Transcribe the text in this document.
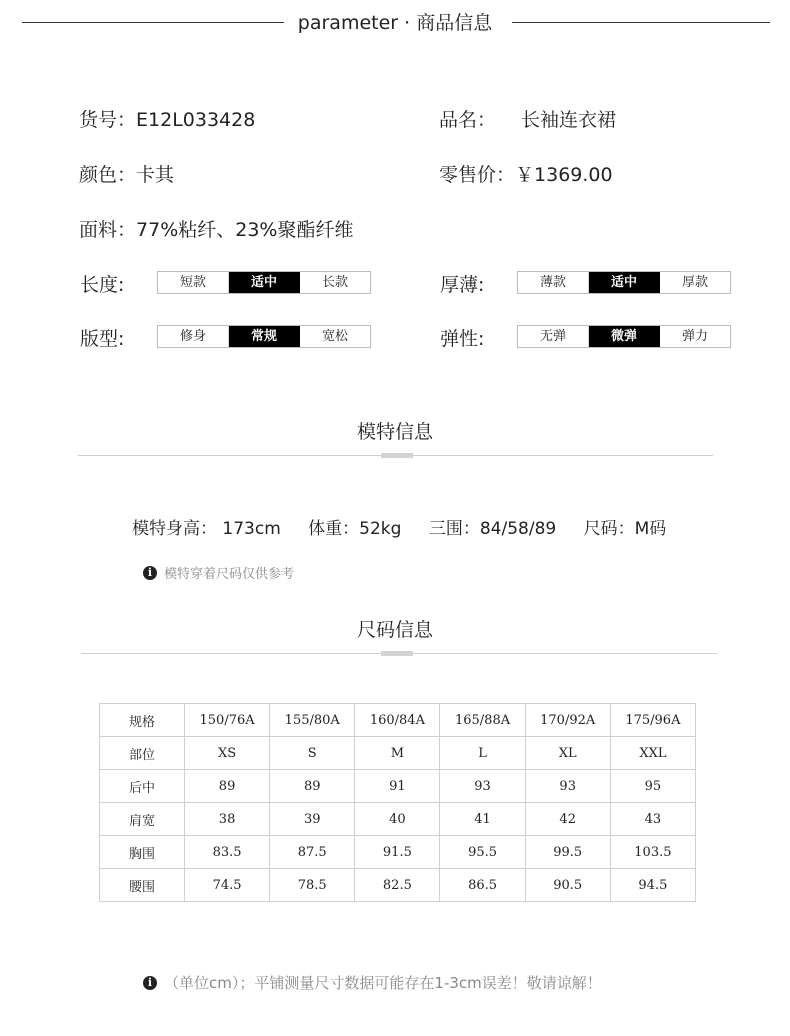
parameter · 商品信息
货号：E12L033428	品名： 长袖连衣裙
颜色：卡其	零售价：￥1369.00
面料：77%粘纤、23%聚酯纤维
长度:	短款	适中	长款	厚薄:	薄款	适中	厚款
版型:	修身	常规	宽松	弹性:	无弹	微弹	弹力
模特信息
模特身高： 173cm 体重：52kg 三围：84/58/89 尺码：M码
i 模特穿着尺码仅供参考
尺码信息
规格	150/76A	155/80A	160/84A	165/88A	170/92A	175/96A
部位	XS	S	M	L	XL	XXL
后中	89	89	91	93	93	95
肩宽	38	39	40	41	42	43
胸围	83.5	87.5	91.5	95.5	99.5	103.5
腰围	74.5	78.5	82.5	86.5	90.5	94.5
i （单位cm）；平铺测量尺寸数据可能存在1-3cm误差！敬请谅解！
